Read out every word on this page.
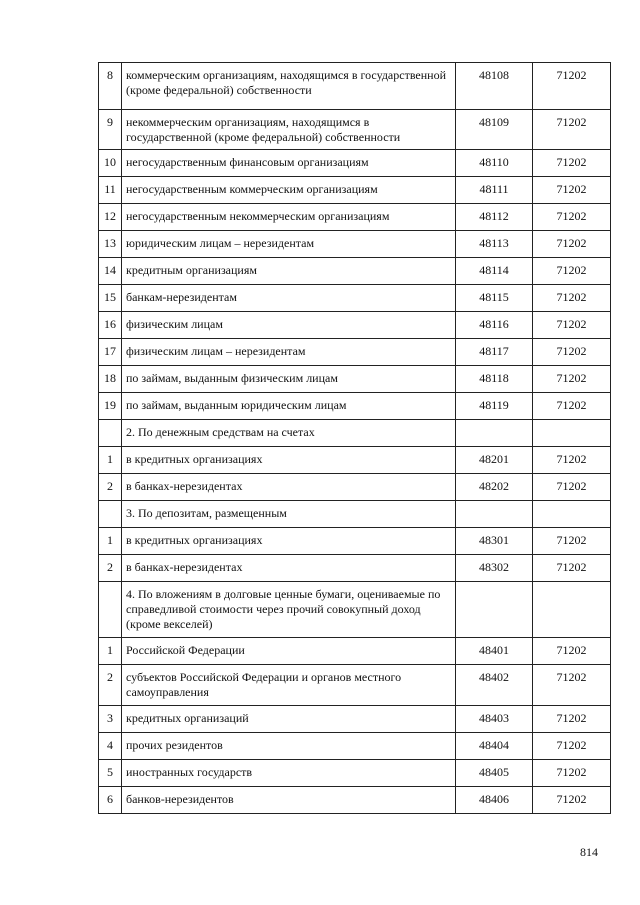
8	коммерческим организациям, находящимся в государственной (кроме федеральной) собственности	48108	71202
9	некоммерческим организациям, находящимся в государственной (кроме федеральной) собственности	48109	71202
10	негосударственным финансовым организациям	48110	71202
11	негосударственным коммерческим организациям	48111	71202
12	негосударственным некоммерческим организациям	48112	71202
13	юридическим лицам – нерезидентам	48113	71202
14	кредитным организациям	48114	71202
15	банкам-нерезидентам	48115	71202
16	физическим лицам	48116	71202
17	физическим лицам – нерезидентам	48117	71202
18	по займам, выданным физическим лицам	48118	71202
19	по займам, выданным юридическим лицам	48119	71202
	2. По денежным средствам на счетах		
1	в кредитных организациях	48201	71202
2	в банках-нерезидентах	48202	71202
	3. По депозитам, размещенным		
1	в кредитных организациях	48301	71202
2	в банках-нерезидентах	48302	71202
	4. По вложениям в долговые ценные бумаги, оцениваемые по справедливой стоимости через прочий совокупный доход (кроме векселей)		
1	Российской Федерации	48401	71202
2	субъектов Российской Федерации и органов местного самоуправления	48402	71202
3	кредитных организаций	48403	71202
4	прочих резидентов	48404	71202
5	иностранных государств	48405	71202
6	банков-нерезидентов	48406	71202
814
